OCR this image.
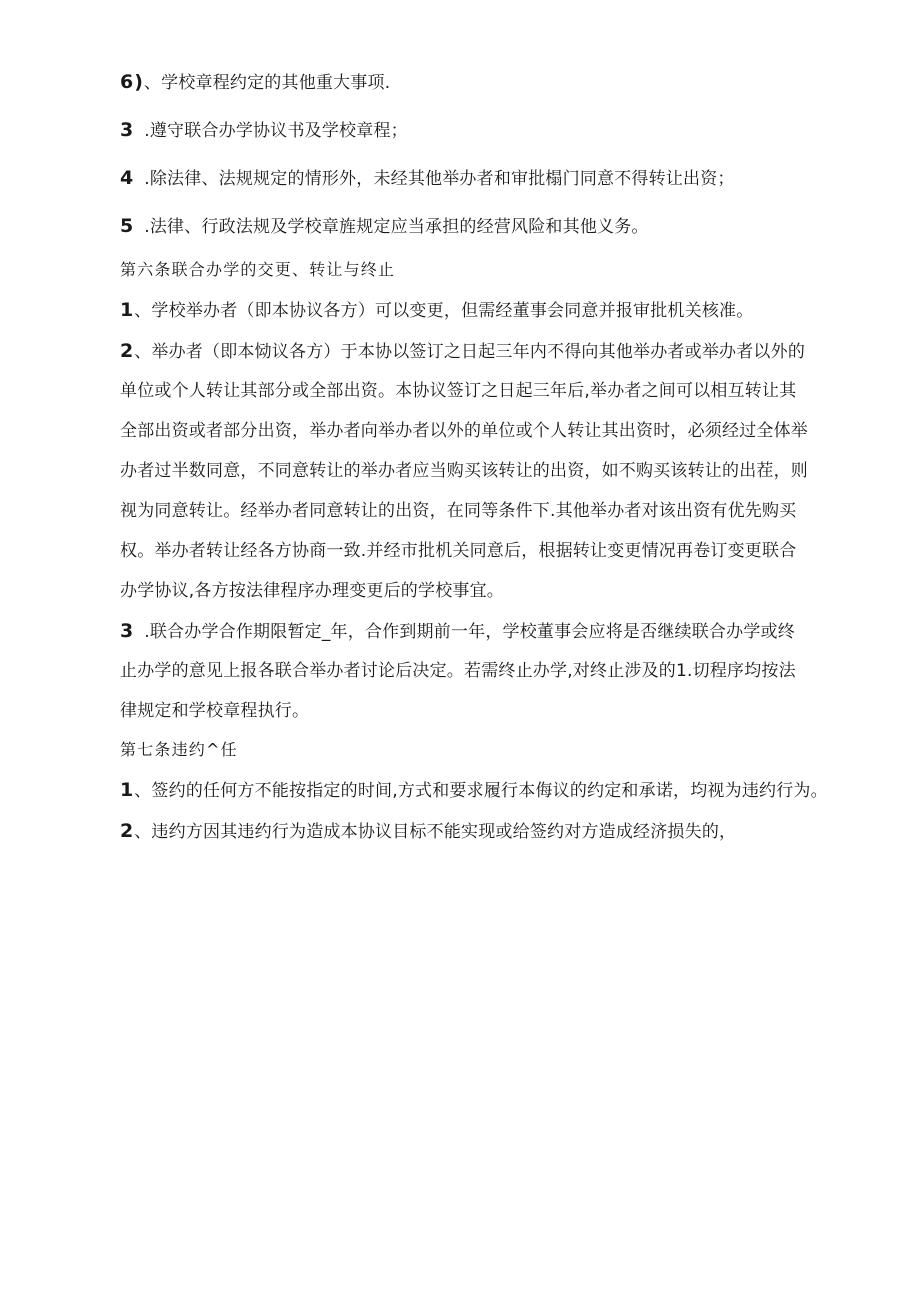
6)、学校章程约定的其他重大事项.
3 .遵守联合办学协议书及学校章程；
4 .除法律、法规规定的情形外，未经其他举办者和审批榻门同意不得转让出资；
5 .法律、行政法规及学校章旌规定应当承担的经营风险和其他义务。
第六条联合办学的交更、转让与终止
1、学校举办者（即本协议各方）可以变更，但需经董事会同意并报审批机关核准。
2、举办者（即本恸议各方）于本协以签订之日起三年内不得向其他举办者或举办者以外的
单位或个人转让其部分或全部出资。本协议签订之日起三年后,举办者之间可以相互转让其
全部出资或者部分出资，举办者向举办者以外的单位或个人转让其出资时，必须经过全体举
办者过半数同意，不同意转让的举办者应当购买该转让的出资，如不购买该转让的出茬，则
视为同意转让。经举办者同意转让的出资，在同等条件下.其他举办者对该出资有优先购买
权。举办者转让经各方协商一致.并经市批机关同意后，根据转让变更情况再卷订变更联合
办学协议,各方按法律程序办理变更后的学校事宜。
3 .联合办学合作期限暂定_年，合作到期前一年，学校董事会应将是否继续联合办学或终
止办学的意见上报各联合举办者讨论后决定。若需终止办学,对终止涉及的1.切程序均按法
律规定和学校章程执行。
第七条违约^任
1、签约的任何方不能按指定的时间,方式和要求履行本侮议的约定和承诺，均视为违约行为。
2、违约方因其违约行为造成本协议目标不能实现或给签约对方造成经济损失的，
